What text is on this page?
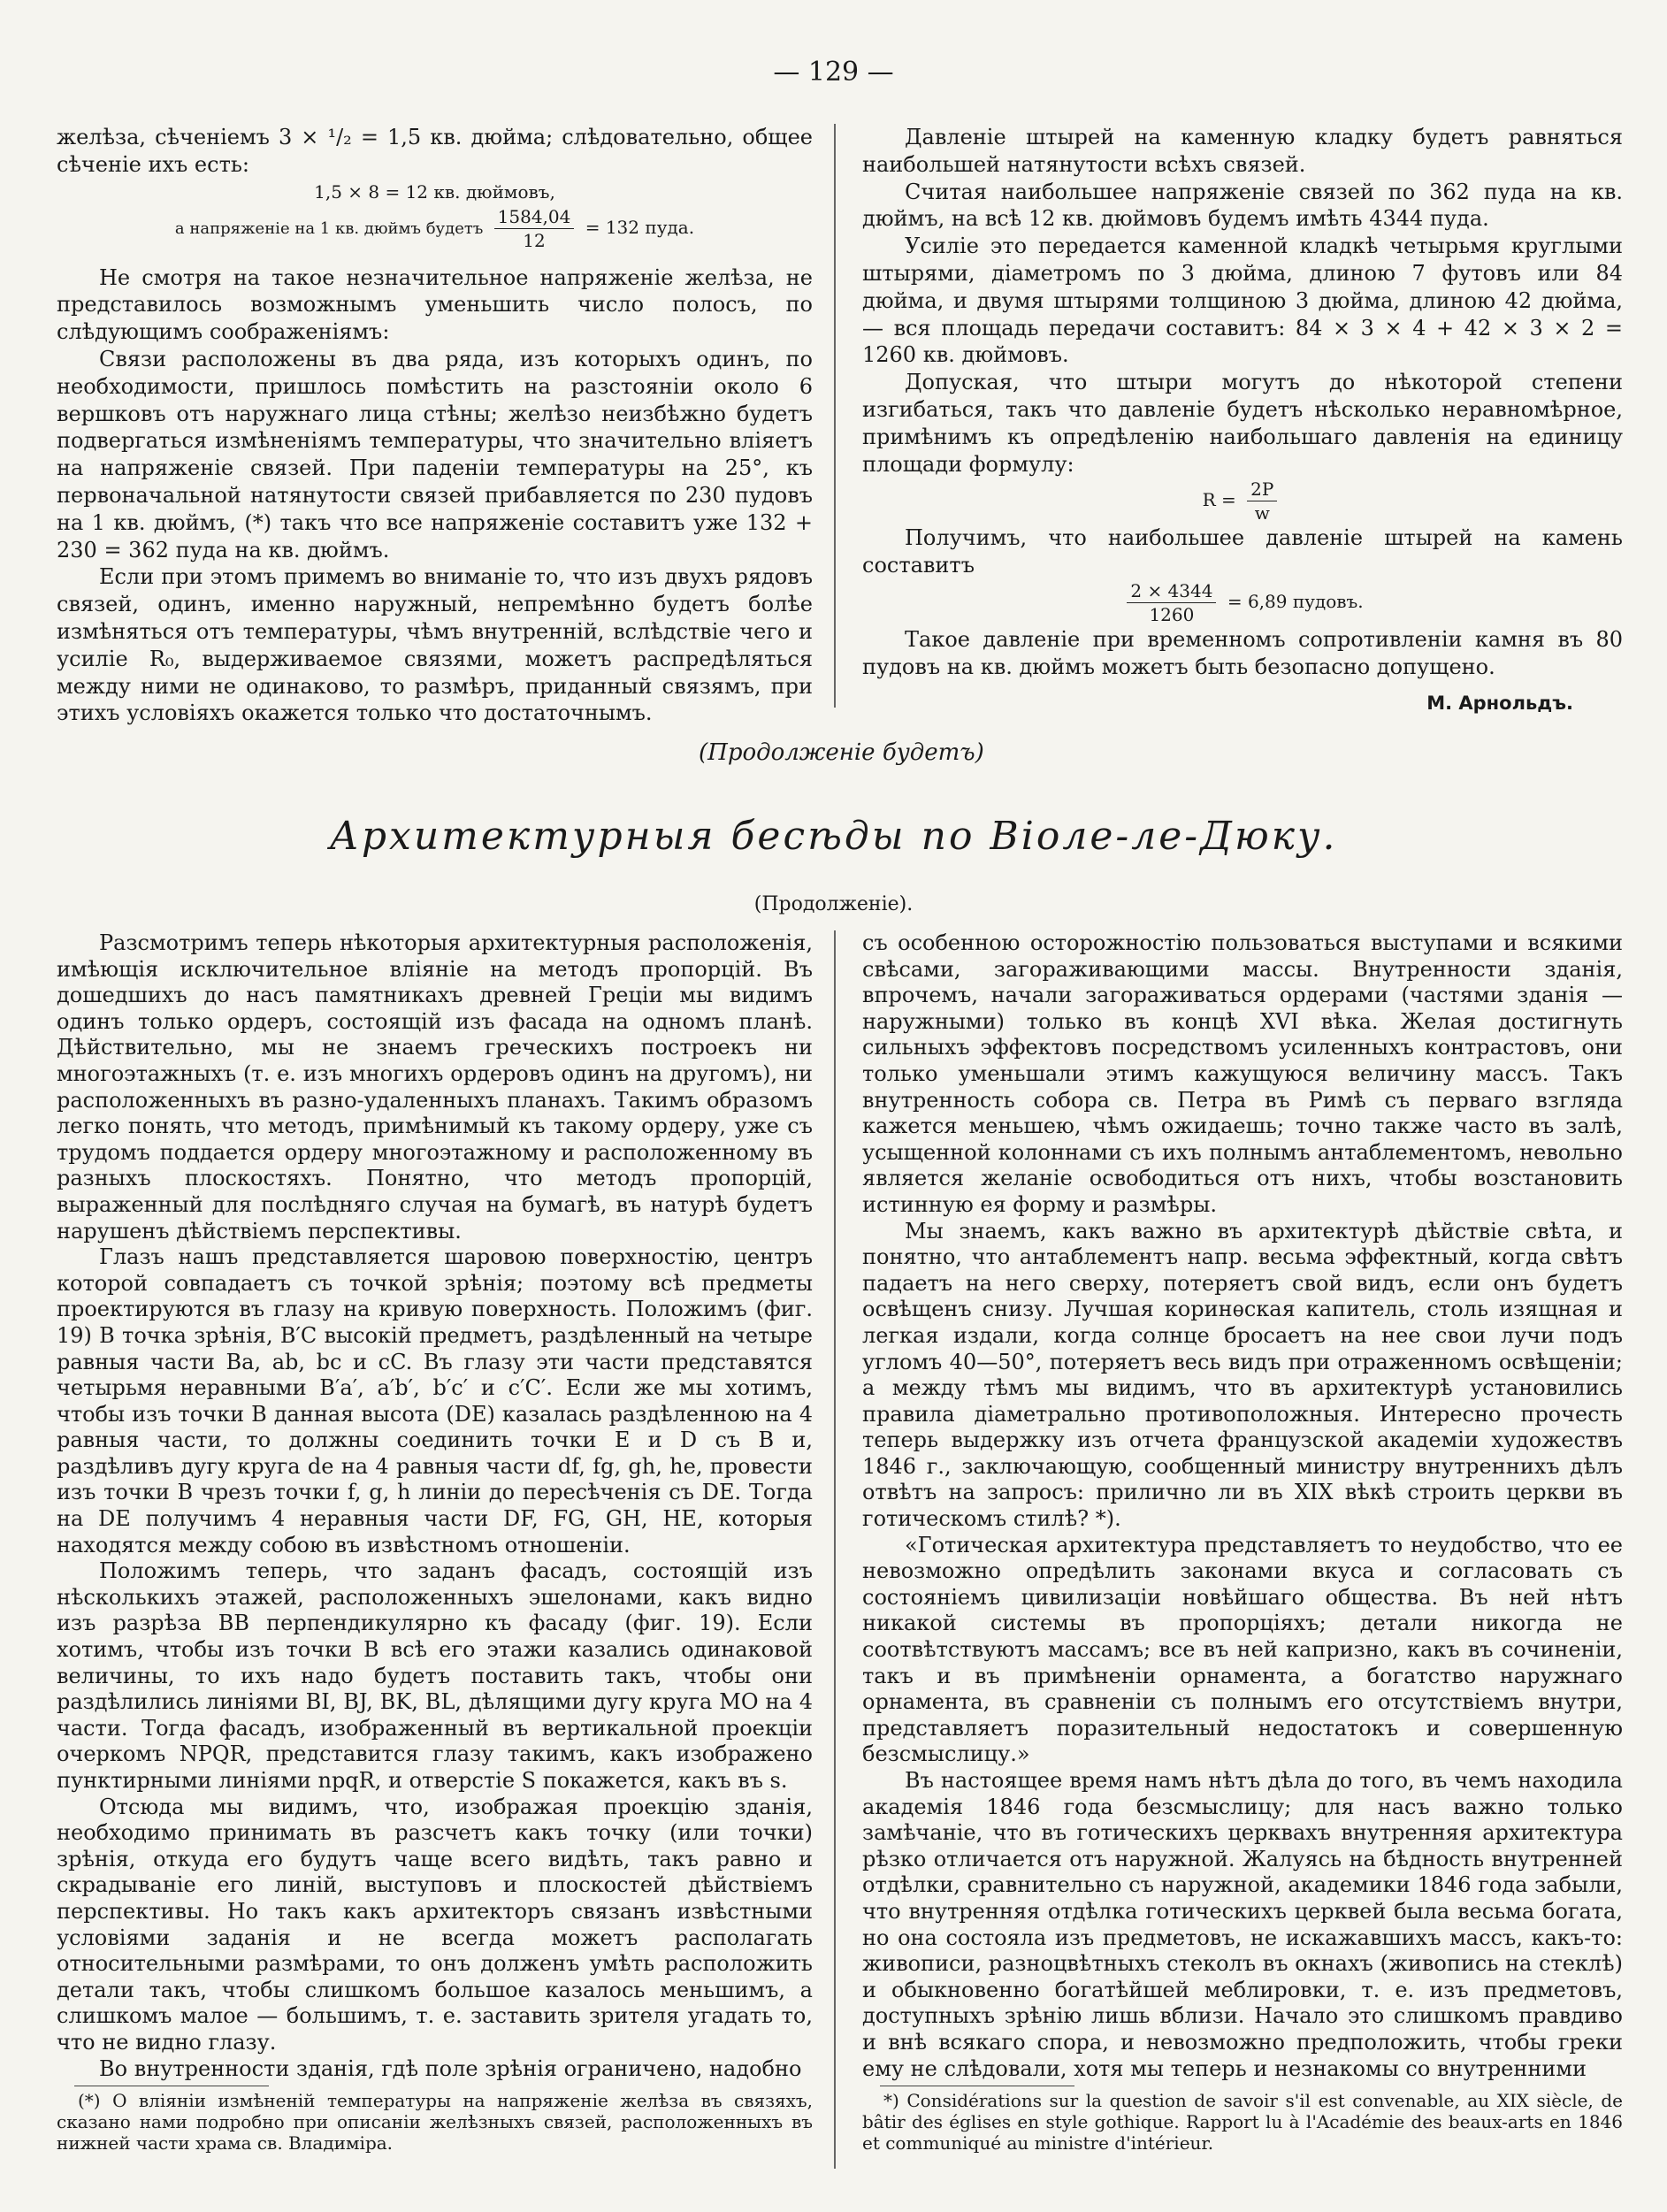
— 129 —

желѣза, сѣченіемъ 3 × ¹/₂ = 1,5 кв. дюйма; слѣдовательно, общее сѣченіе ихъ есть:

1,5 × 8 = 12 кв. дюймовъ,

а напряженіе на 1 кв. дюймъ будетъ $\frac{1584,04}{12} = 132$ пуда.

Не смотря на такое незначительное напряженіе желѣза, не представилось возможнымъ уменьшить число полосъ, по слѣдующимъ соображеніямъ:

Связи расположены въ два ряда, изъ которыхъ одинъ, по необходимости, пришлось помѣстить на разстояніи около 6 вершковъ отъ наружнаго лица стѣны; желѣзо неизбѣжно будетъ подвергаться измѣненіямъ температуры, что значительно вліяетъ на напряженіе связей. При паденіи температуры на 25°, къ первоначальной натянутости связей прибавляется по 230 пудовъ на 1 кв. дюймъ, (*) такъ что все напряженіе составитъ уже 132 + 230 = 362 пуда на кв. дюймъ.

Если при этомъ примемъ во вниманіе то, что изъ двухъ рядовъ связей, одинъ, именно наружный, непремѣнно будетъ болѣе измѣняться отъ температуры, чѣмъ внутренній, вслѣдствіе чего и усиліе R₀, выдерживаемое связями, можетъ распредѣляться между ними не одинаково, то размѣръ, приданный связямъ, при этихъ условіяхъ окажется только что достаточнымъ.

Давленіе штырей на каменную кладку будетъ равняться наибольшей натянутости всѣхъ связей.

Считая наибольшее напряженіе связей по 362 пуда на кв. дюймъ, на всѣ 12 кв. дюймовъ будемъ имѣть 4344 пуда.

Усиліе это передается каменной кладкѣ четырьмя круглыми штырями, діаметромъ по 3 дюйма, длиною 7 футовъ или 84 дюйма, и двумя штырями толщиною 3 дюйма, длиною 42 дюйма, — вся площадь передачи составитъ: 84 × 3 × 4 + 42 × 3 × 2 = 1260 кв. дюймовъ.

Допуская, что штыри могутъ до нѣкоторой степени изгибаться, такъ что давленіе будетъ нѣсколько неравномѣрное, примѣнимъ къ опредѣленію наибольшаго давленія на единицу площади формулу:

$R = \frac{2P}{w}$

Получимъ, что наибольшее давленіе штырей на камень составитъ

$\frac{2 \times 4344}{1260} = 6,89$ пудовъ.

Такое давленіе при временномъ сопротивленіи камня въ 80 пудовъ на кв. дюймъ можетъ быть безопасно допущено.

М. Арнольдъ.

(Продолженіе будетъ)
Архитектурныя бесѣды по Віоле-ле-Дюку.
(Продолженіе).

Разсмотримъ теперь нѣкоторыя архитектурныя расположенія, имѣющія исключительное вліяніе на методъ пропорцій. Въ дошедшихъ до насъ памятникахъ древней Греціи мы видимъ одинъ только ордеръ, состоящій изъ фасада на одномъ планѣ. Дѣйствительно, мы не знаемъ греческихъ построекъ ни многоэтажныхъ (т. е. изъ многихъ ордеровъ одинъ на другомъ), ни расположенныхъ въ разно-удаленныхъ планахъ. Такимъ образомъ легко понять, что методъ, примѣнимый къ такому ордеру, уже съ трудомъ поддается ордеру многоэтажному и расположенному въ разныхъ плоскостяхъ. Понятно, что методъ пропорцій, выраженный для послѣдняго случая на бумагѣ, въ натурѣ будетъ нарушенъ дѣйствіемъ перспективы.

Глазъ нашъ представляется шаровою поверхностію, центръ которой совпадаетъ съ точкой зрѣнія; поэтому всѣ предметы проектируются въ глазу на кривую поверхность. Положимъ (фиг. 19) B точка зрѣнія, B′C высокій предметъ, раздѣленный на четыре равныя части Ba, ab, bc и cC. Въ глазу эти части представятся четырьмя неравными B′a′, a′b′, b′c′ и c′C′. Если же мы хотимъ, чтобы изъ точки B данная высота (DE) казалась раздѣленною на 4 равныя части, то должны соединить точки E и D съ B и, раздѣливъ дугу круга de на 4 равныя части df, fg, gh, he, провести изъ точки B чрезъ точки f, g, h линіи до пересѣченія съ DE. Тогда на DE получимъ 4 неравныя части DF, FG, GH, HE, которыя находятся между собою въ извѣстномъ отношеніи.

Положимъ теперь, что заданъ фасадъ, состоящій изъ нѣсколькихъ этажей, расположенныхъ эшелонами, какъ видно изъ разрѣза BB перпендикулярно къ фасаду (фиг. 19). Если хотимъ, чтобы изъ точки B всѣ его этажи казались одинаковой величины, то ихъ надо будетъ поставить такъ, чтобы они раздѣлились линіями BI, BJ, BK, BL, дѣлящими дугу круга MO на 4 части. Тогда фасадъ, изображенный въ вертикальной проекціи очеркомъ NPQR, представится глазу такимъ, какъ изображено пунктирными линіями npqR, и отверстіе S покажется, какъ въ s.

Отсюда мы видимъ, что, изображая проекцію зданія, необходимо принимать въ разсчетъ какъ точку (или точки) зрѣнія, откуда его будутъ чаще всего видѣть, такъ равно и скрадываніе его линій, выступовъ и плоскостей дѣйствіемъ перспективы. Но такъ какъ архитекторъ связанъ извѣстными условіями заданія и не всегда можетъ располагать относительными размѣрами, то онъ долженъ умѣть расположить детали такъ, чтобы слишкомъ большое казалось меньшимъ, а слишкомъ малое — большимъ, т. е. заставить зрителя угадать то, что не видно глазу.

Во внутренности зданія, гдѣ поле зрѣнія ограничено, надобно

(*) О вліяніи измѣненій температуры на напряженіе желѣза въ связяхъ, сказано нами подробно при описаніи желѣзныхъ связей, расположенныхъ въ нижней части храма св. Владиміра.

съ особенною осторожностію пользоваться выступами и всякими свѣсами, загораживающими массы. Внутренности зданія, впрочемъ, начали загораживаться ордерами (частями зданія — наружными) только въ концѣ XVI вѣка. Желая достигнуть сильныхъ эффектовъ посредствомъ усиленныхъ контрастовъ, они только уменьшали этимъ кажущуюся величину массъ. Такъ внутренность собора св. Петра въ Римѣ съ перваго взгляда кажется меньшею, чѣмъ ожидаешь; точно также часто въ залѣ, усыщенной колоннами съ ихъ полнымъ антаблементомъ, невольно является желаніе освободиться отъ нихъ, чтобы возстановить истинную ея форму и размѣры.

Мы знаемъ, какъ важно въ архитектурѣ дѣйствіе свѣта, и понятно, что антаблементъ напр. весьма эффектный, когда свѣтъ падаетъ на него сверху, потеряетъ свой видъ, если онъ будетъ освѣщенъ снизу. Лучшая коринѳская капитель, столь изящная и легкая издали, когда солнце бросаетъ на нее свои лучи подъ угломъ 40—50°, потеряетъ весь видъ при отраженномъ освѣщеніи; а между тѣмъ мы видимъ, что въ архитектурѣ установились правила діаметрально противоположныя. Интересно прочесть теперь выдержку изъ отчета французской академіи художествъ 1846 г., заключающую, сообщенный министру внутреннихъ дѣлъ отвѣтъ на запросъ: прилично ли въ XIX вѣкѣ строить церкви въ готическомъ стилѣ? *).

«Готическая архитектура представляетъ то неудобство, что ее невозможно опредѣлить законами вкуса и согласовать съ состояніемъ цивилизаціи новѣйшаго общества. Въ ней нѣтъ никакой системы въ пропорціяхъ; детали никогда не соотвѣтствуютъ массамъ; все въ ней капризно, какъ въ сочиненіи, такъ и въ примѣненіи орнамента, а богатство наружнаго орнамента, въ сравненіи съ полнымъ его отсутствіемъ внутри, представляетъ поразительный недостатокъ и совершенную безсмыслицу.»

Въ настоящее время намъ нѣтъ дѣла до того, въ чемъ находила академія 1846 года безсмыслицу; для насъ важно только замѣчаніе, что въ готическихъ церквахъ внутренняя архитектура рѣзко отличается отъ наружной. Жалуясь на бѣдность внутренней отдѣлки, сравнительно съ наружной, академики 1846 года забыли, что внутренняя отдѣлка готическихъ церквей была весьма богата, но она состояла изъ предметовъ, не искажавшихъ массъ, какъ-то: живописи, разноцвѣтныхъ стеколъ въ окнахъ (живопись на стеклѣ) и обыкновенно богатѣйшей меблировки, т. е. изъ предметовъ, доступныхъ зрѣнію лишь вблизи. Начало это слишкомъ правдиво и внѣ всякаго спора, и невозможно предположить, чтобы греки ему не слѣдовали, хотя мы теперь и незнакомы со внутренними

*) Considérations sur la question de savoir s'il est convenable, au XIX siècle, de bâtir des églises en style gothique. Rapport lu à l'Académie des beaux-arts en 1846 et communiqué au ministre d'intérieur.
